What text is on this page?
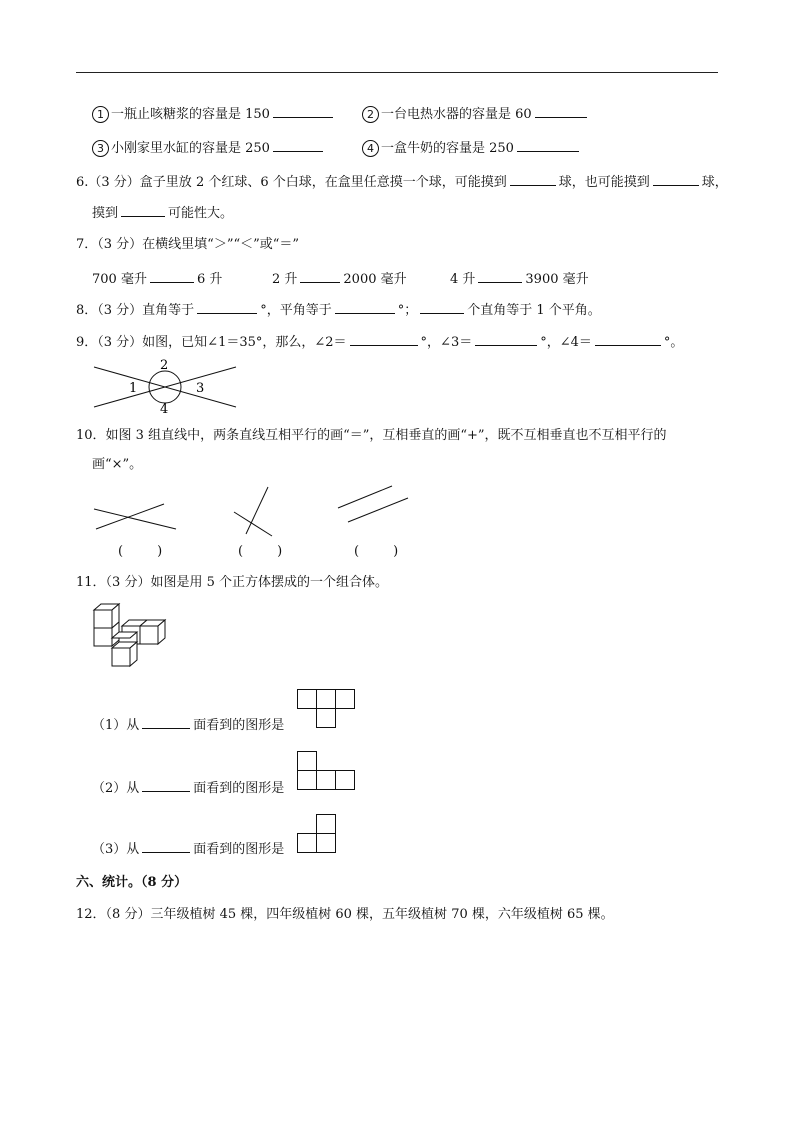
1 一瓶止咳糖浆的容量是 150	2 一台电热水器的容量是 60
3 小刚家里水缸的容量是 250	4 一盒牛奶的容量是 250
6.（3 分）盒子里放 2 个红球、6 个白球，在盒里任意摸一个球，可能摸到	球，也可能摸到	球，
摸到	可能性大。
7．（3 分）在横线里填“＞”“＜”或“＝”
700 毫升	6 升	2 升	2000 毫升	4 升	3900 毫升
8．（3 分）直角等于	°，平角等于	°；	个直角等于 1 个平角。
9．（3 分）如图，已知∠1＝35°，那么，∠2＝	°，∠3＝	°，∠4＝	°。
2
1	3
4
10．如图 3 组直线中，两条直线互相平行的画“＝”，互相垂直的画“+”，既不互相垂直也不互相平行的
画“×”。
(	)	(	)	(	)
11．（3 分）如图是用 5 个正方体摆成的一个组合体。
（1）从	面看到的图形是
（2）从	面看到的图形是
（3）从	面看到的图形是
六、统计。（8 分）
12．（8 分）三年级植树 45 棵，四年级植树 60 棵，五年级植树 70 棵，六年级植树 65 棵。
